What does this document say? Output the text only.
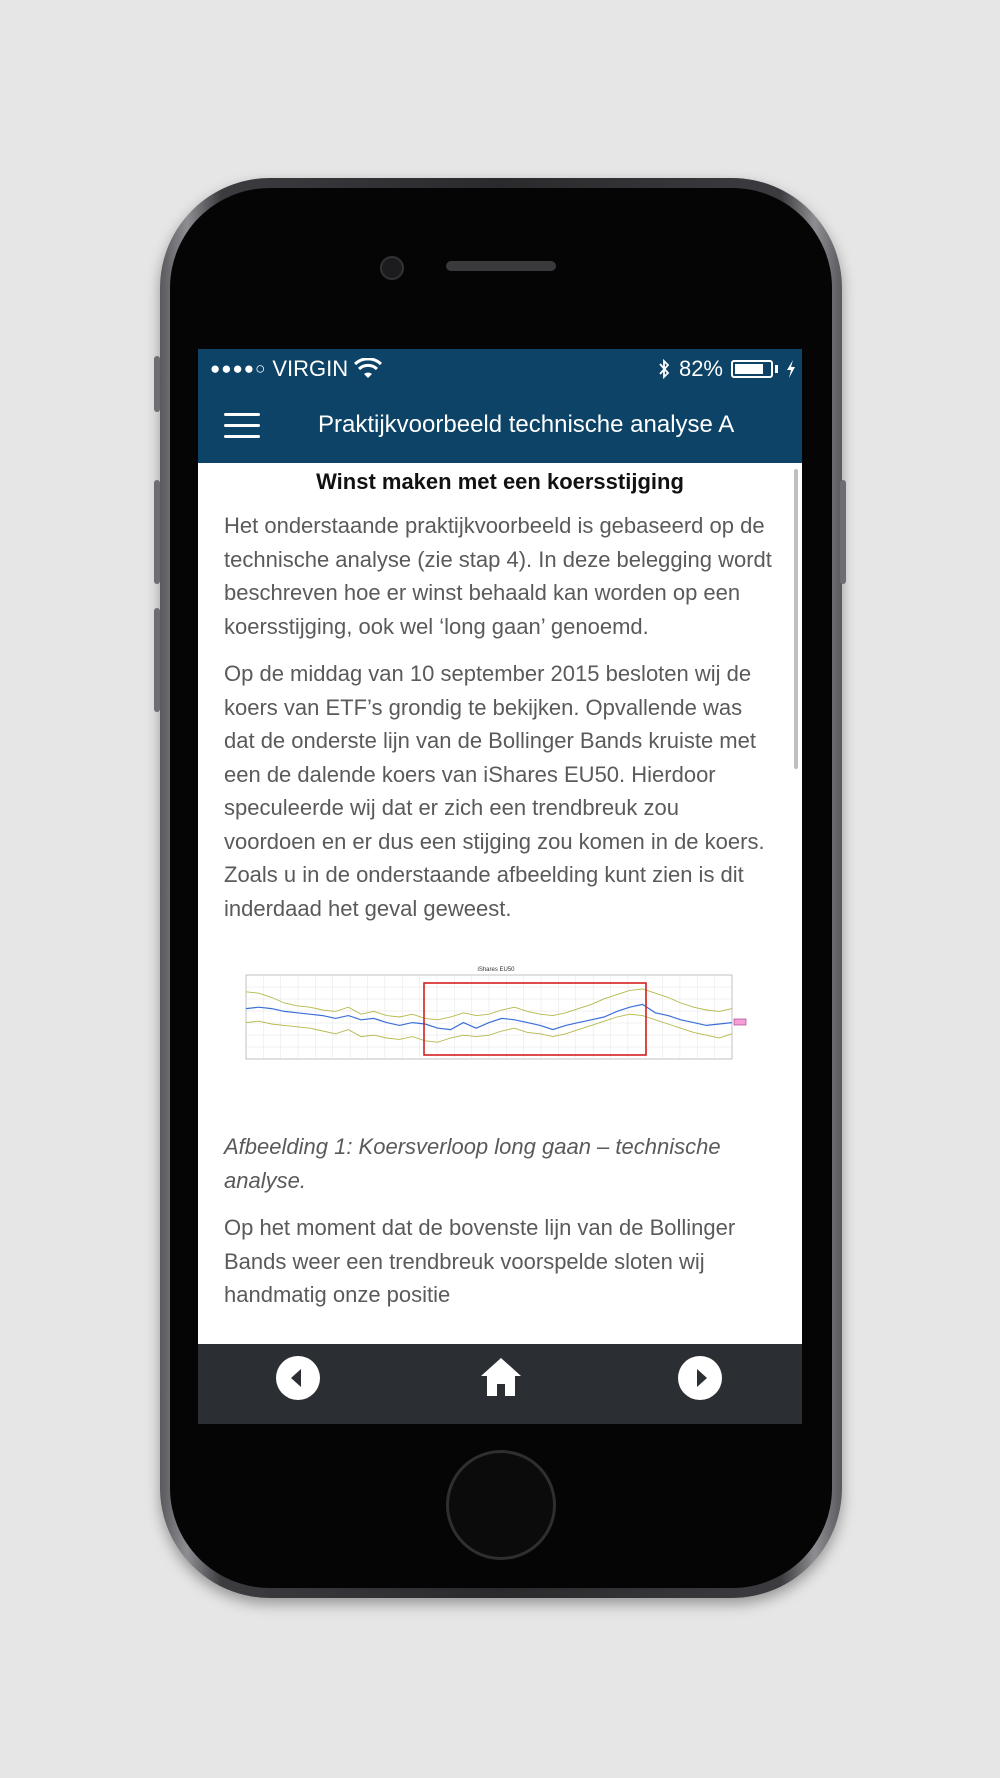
●●●●○ VIRGIN	82%
Praktijkvoorbeeld technische analyse A
Winst maken met een koersstijging

Het onderstaande praktijkvoorbeeld is gebaseerd op de technische analyse (zie stap 4). In deze belegging wordt beschreven hoe er winst behaald kan worden op een koersstijging, ook wel ‘long gaan’ genoemd.

Op de middag van 10 september 2015 besloten wij de koers van ETF’s grondig te bekijken. Opvallende was dat de onderste lijn van de Bollinger Bands kruiste met een de dalende koers van iShares EU50. Hierdoor speculeerde wij dat er zich een trendbreuk zou voordoen en er dus een stijging zou komen in de koers. Zoals u in de onderstaande afbeelding kunt zien is dit inderdaad het geval geweest.

iShares EU50

Afbeelding 1: Koersverloop long gaan – technische analyse.

Op het moment dat de bovenste lijn van de Bollinger Bands weer een trendbreuk voorspelde sloten wij handmatig onze positie
